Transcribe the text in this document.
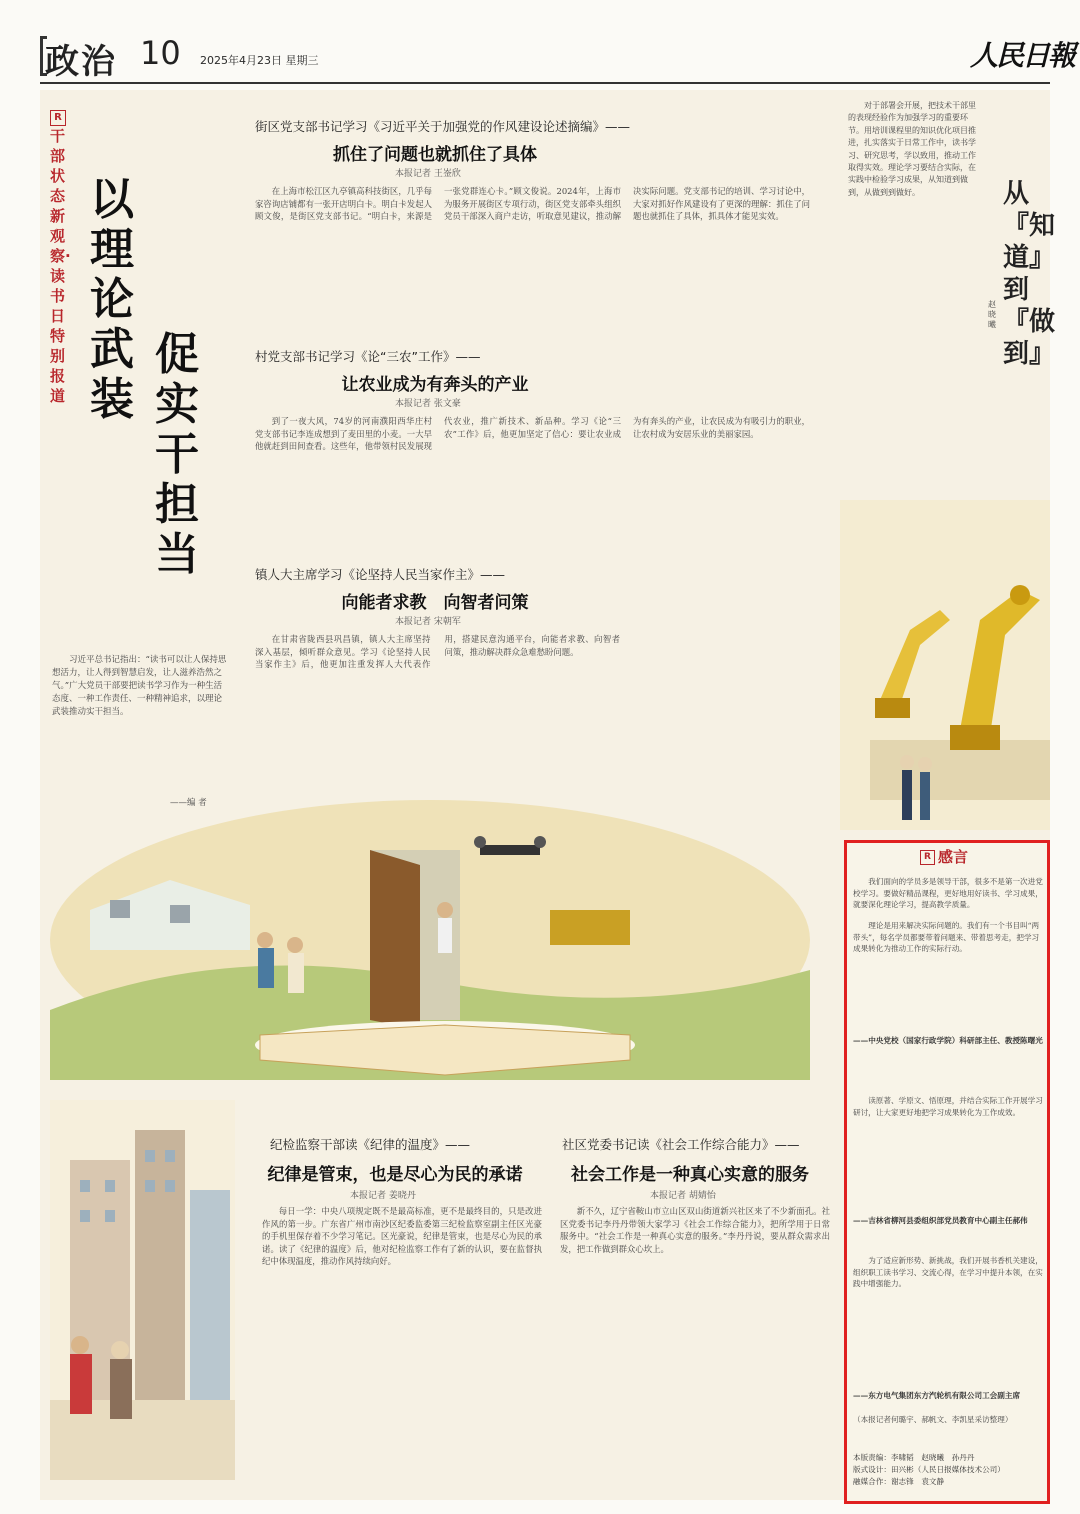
政治 10 2025年4月23日 星期三	人民日報
R干部状态新观察·读书日特别报道
以理论武装
促实干担当
习近平总书记指出：“读书可以让人保持思想活力，让人得到智慧启发，让人滋养浩然之气。”广大党员干部要把读书学习作为一种生活态度、一种工作责任、一种精神追求，以理论武装推动实干担当。
——编 者
对于部署会开展，把技术干部里的表现经验作为加强学习的重要环节。用培训课程里的知识优化项目推进，扎实落实于日常工作中，读书学习、研究思考，学以致用，推动工作取得实效。理论学习要结合实际，在实践中检验学习成果，从知道到做到，从做到到做好。	从『知道』到『做到』
赵晓曦
街区党支部书记学习《习近平关于加强党的作风建设论述摘编》——
抓住了问题也就抓住了具体
本报记者 王崟欣
在上海市松江区九亭镇高科技街区，几乎每家咨询店铺都有一张开店明白卡。明白卡发起人顾文俊，是街区党支部书记。“明白卡，来源是一张党群连心卡。”顾文俊说。2024年，上海市为服务开展街区专项行动，街区党支部牵头组织党员干部深入商户走访，听取意见建议，推动解决实际问题。党支部书记的培训、学习讨论中，大家对抓好作风建设有了更深的理解：抓住了问题也就抓住了具体，抓具体才能见实效。
村党支部书记学习《论“三农”工作》——
让农业成为有奔头的产业
本报记者 张文豪
到了一夜大风，74岁的河南濮阳西华庄村党支部书记李连成想到了麦田里的小麦。一大早他就赶到田间查看。这些年，他带领村民发展现代农业，推广新技术、新品种。学习《论“三农”工作》后，他更加坚定了信心：要让农业成为有奔头的产业，让农民成为有吸引力的职业，让农村成为安居乐业的美丽家园。
镇人大主席学习《论坚持人民当家作主》——
向能者求教　向智者问策
本报记者 宋朝军
在甘肃省陇西县巩昌镇，镇人大主席坚持深入基层，倾听群众意见。学习《论坚持人民当家作主》后，他更加注重发挥人大代表作用，搭建民意沟通平台，向能者求教、向智者问策，推动解决群众急难愁盼问题。
纪检监察干部读《纪律的温度》——
纪律是管束，也是尽心为民的承诺
本报记者 姜晓丹
每日一学：中央八项规定既不是最高标准，更不是最终目的，只是改进作风的第一步。广东省广州市南沙区纪委监委第三纪检监察室副主任区光豪的手机里保存着不少学习笔记。区光豪说，纪律是管束，也是尽心为民的承诺。读了《纪律的温度》后，他对纪检监察工作有了新的认识，要在监督执纪中体现温度，推动作风持续向好。
社区党委书记读《社会工作综合能力》——
社会工作是一种真心实意的服务
本报记者 胡婧怡
新不久，辽宁省鞍山市立山区双山街道新兴社区来了不少新面孔。社区党委书记李丹丹带领大家学习《社会工作综合能力》，把所学用于日常服务中。“社会工作是一种真心实意的服务。”李丹丹说，要从群众需求出发，把工作做到群众心坎上。
R 感言
我们面向的学员多是领导干部，很多不是第一次进党校学习。要做好精品课程，更好地用好读书、学习成果，就要深化理论学习，提高教学质量。
理论是用来解决实际问题的。我们有一个书目叫“两带头”，每名学员都要带着问题来、带着思考走，把学习成果转化为推动工作的实际行动。
——中央党校（国家行政学院）科研部主任、教授陈曙光
读原著、学原文、悟原理，并结合实际工作开展学习研讨，让大家更好地把学习成果转化为工作成效。
——吉林省柳河县委组织部党员教育中心副主任郝伟
为了适应新形势、新挑战，我们开展书香机关建设，组织职工读书学习、交流心得，在学习中提升本领，在实践中增强能力。
——东方电气集团东方汽轮机有限公司工会副主席
（本报记者何璐宇、郝帆文、李凯星采访整理）
本版责编：李啸韬　赵晓曦　孙丹丹
版式设计：田兴彬（人民日报媒体技术公司）
融媒合作：谢志锋　袁文静
